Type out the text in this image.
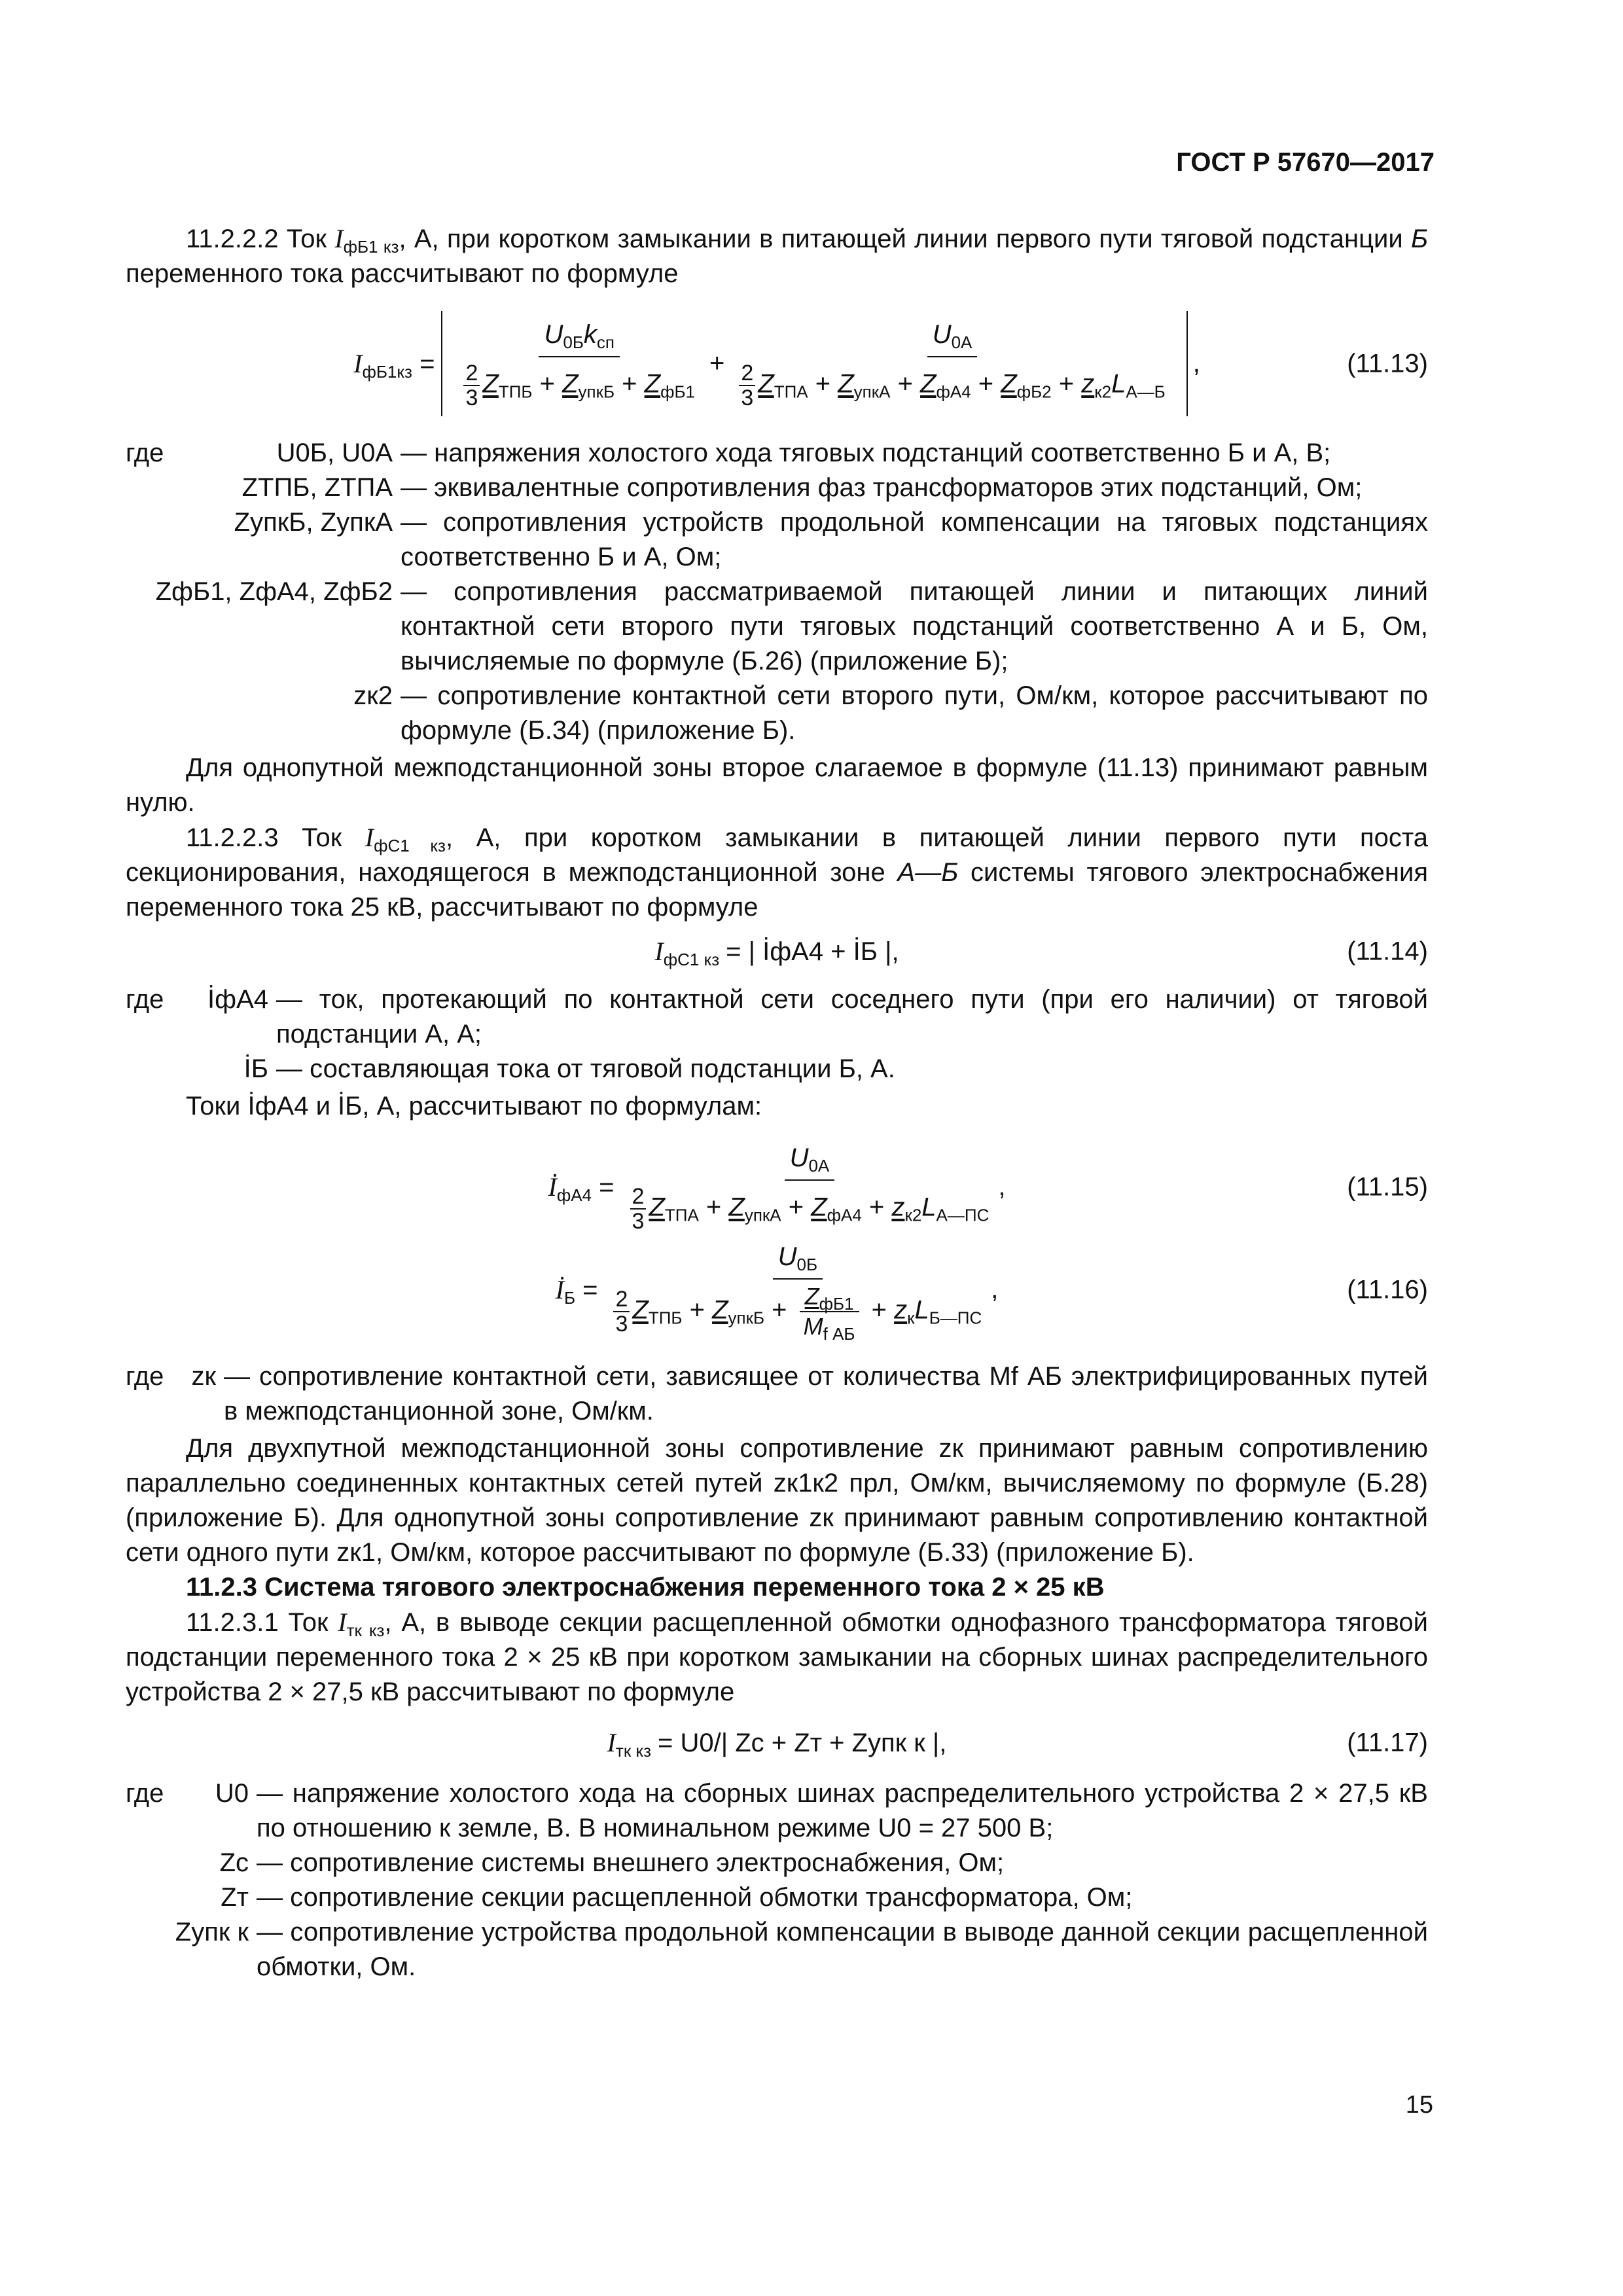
ГОСТ Р 57670—2017

11.2.2.2 Ток $I_{фБ1 кз}$, А, при коротком замыкании в питающей линии первого пути тяговой подстанции Б переменного тока рассчитывают по формуле

$I_{фБ1кз} = \frac{U_{0Б}k_{сп}}{\frac{2}{3} Z_{ТПБ} + Z_{упкБ} + Z_{фБ1}} + \frac{U_{0А}}{\frac{2}{3} Z_{ТПА} + Z_{упкА} + Z_{фА4} + Z_{фБ2} + z_{к2}L_{А—Б}}$ ,	(11.13)
где	U0Б, U0А — напряжения холостого хода тяговых подстанций соответственно Б и А, В;
ZТПБ, ZТПА — эквивалентные сопротивления фаз трансформаторов этих подстанций, Ом;
ZупкБ, ZупкА — сопротивления устройств продольной компенсации на тяговых подстанциях соответственно Б и А, Ом;
ZфБ1, ZфА4, ZфБ2 — сопротивления рассматриваемой питающей линии и питающих линий контактной сети второго пути тяговых подстанций соответственно А и Б, Ом, вычисляемые по формуле (Б.26) (приложение Б);
zк2 — сопротивление контактной сети второго пути, Ом/км, которое рассчитывают по формуле (Б.34) (приложение Б).

Для однопутной межподстанционной зоны второе слагаемое в формуле (11.13) принимают равным нулю.

11.2.2.3 Ток $I_{фС1 кз}$, А, при коротком замыкании в питающей линии первого пути поста секционирования, находящегося в межподстанционной зоне А—Б системы тягового электроснабжения переменного тока 25 кВ, рассчитывают по формуле

$I_{фС1 кз}$ = | İфА4 + İБ |,	(11.14)
где İфА4 — ток, протекающий по контактной сети соседнего пути (при его наличии) от тяговой подстанции А, А;
İБ — составляющая тока от тяговой подстанции Б, А.

Токи İфА4 и İБ, А, рассчитывают по формулам:

$İ_{фА4} = \frac{U_{0А}}{\frac{2}{3} Z_{ТПА} + Z_{упкА} + Z_{фА4} + z_{к2}L_{А—ПС}}$ ,	(11.15)
$İ_Б = \frac{U_{0Б}}{\frac{2}{3} Z_{ТПБ} + Z_{упкБ} + \frac{Z_{фБ1}}{M_{f АБ}} + z_кL_{Б—ПС}}$ ,	(11.16)
где zк — сопротивление контактной сети, зависящее от количества Mf АБ электрифицированных путей в межподстанционной зоне, Ом/км.

Для двухпутной межподстанционной зоны сопротивление zк принимают равным сопротивлению параллельно соединенных контактных сетей путей zк1к2 прл, Ом/км, вычисляемому по формуле (Б.28) (приложение Б). Для однопутной зоны сопротивление zк принимают равным сопротивлению контактной сети одного пути zк1, Ом/км, которое рассчитывают по формуле (Б.33) (приложение Б).

11.2.3 Система тягового электроснабжения переменного тока 2 × 25 кВ

11.2.3.1 Ток $I_{тк кз}$, А, в выводе секции расщепленной обмотки однофазного трансформатора тяговой подстанции переменного тока 2 × 25 кВ при коротком замыкании на сборных шинах распределительного устройства 2 × 27,5 кВ рассчитывают по формуле

$I_{тк кз} = U0/|$ Zс + Zт + Zупк к |,	(11.17)
где U0 — напряжение холостого хода на сборных шинах распределительного устройства 2 × 27,5 кВ по отношению к земле, В. В номинальном режиме U0 = 27 500 В;
Zс — сопротивление системы внешнего электроснабжения, Ом;
Zт — сопротивление секции расщепленной обмотки трансформатора, Ом;
Zупк к — сопротивление устройства продольной компенсации в выводе данной секции расщепленной обмотки, Ом.
15
